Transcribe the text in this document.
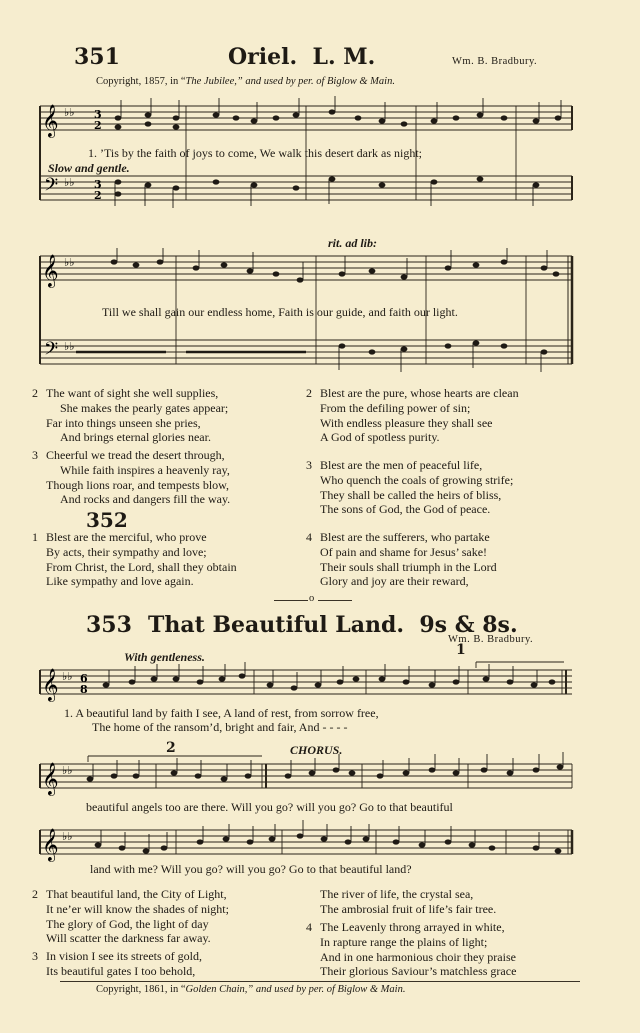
351	Oriel. L. M.	Wm. B. Bradbury.
Copyright, 1857, in “The Jubilee,” and used by per. of Biglow & Main.
𝄞
𝄢
♭♭
♭♭
3
2
3
2
1. ’Tis by the faith of joys to come, We walk this desert dark as night;
Slow and gentle.
rit. ad lib:
𝄞
𝄢
♭♭
♭♭
Till we shall gain our endless home, Faith is our guide, and faith our light.
2 The want of sight she well supplies,
She makes the pearly gates appear;
Far into things unseen she pries,
And brings eternal glories near.
3 Cheerful we tread the desert through,
While faith inspires a heavenly ray,
Though lions roar, and tempests blow,
And rocks and dangers fill the way.
2 Blest are the pure, whose hearts are clean
From the defiling power of sin;
With endless pleasure they shall see
A God of spotless purity.
3 Blest are the men of peaceful life,
Who quench the coals of growing strife;
They shall be called the heirs of bliss,
The sons of God, the God of peace.
352
1 Blest are the merciful, who prove
By acts, their sympathy and love;
From Christ, the Lord, shall they obtain
Like sympathy and love again.
4 Blest are the sufferers, who partake
Of pain and shame for Jesus’ sake!
Their souls shall triumph in the Lord
Glory and joy are their reward,
o
353 That Beautiful Land. 9s & 8s.
Wm. B. Bradbury.
With gentleness.	1
𝄞 ♭♭ 6
8
1. A beautiful land by faith I see, A land of rest, from sorrow free,
The home of the ransom’d, bright and fair, And - - - -
2	CHORUS.
𝄞 ♭♭
beautiful angels too are there. Will you go? will you go? Go to that beautiful
𝄞 ♭♭
land with me? Will you go? will you go? Go to that beautiful land?
2 That beautiful land, the City of Light,
It ne’er will know the shades of night;
The glory of God, the light of day
Will scatter the darkness far away.
3 In vision I see its streets of gold,
Its beautiful gates I too behold,
The river of life, the crystal sea,
The ambrosial fruit of life’s fair tree.
4 The Leavenly throng arrayed in white,
In rapture range the plains of light;
And in one harmonious choir they praise
Their glorious Saviour’s matchless grace
Copyright, 1861, in “Golden Chain,” and used by per. of Biglow & Main.
